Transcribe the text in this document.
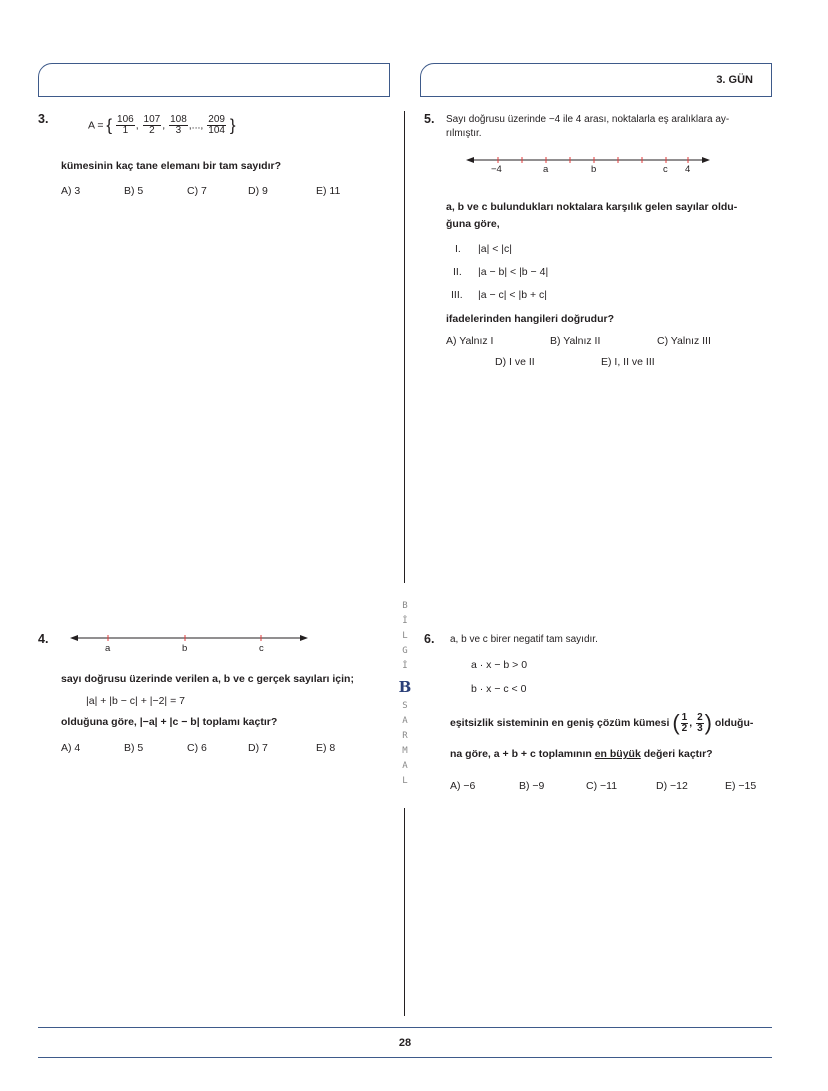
3. GÜN
B
İ
L
G
İ
B
S
A
R
M
A
L
3.	A = { $\frac{106}{1}$ , $\frac{107}{2}$ , $\frac{108}{3}$ ,..., $\frac{209}{104}$ }
kümesinin kaç tane elemanı bir tam sayıdır?
A) 3	B) 5	C) 7	D) 9	E) 11
4.
a	b	c
sayı doğrusu üzerinde verilen a, b ve c gerçek sayıları için;
|a| + |b − c| + |−2| = 7
olduğuna göre, |−a| + |c − b| toplamı kaçtır?
A) 4	B) 5	C) 6	D) 7	E) 8
5. Sayı doğrusu üzerinde −4 ile 4 arası, noktalarla eş aralıklara ay-
rılmıştır.
−4	a	b	c 4
a, b ve c bulundukları noktalara karşılık gelen sayılar oldu-
ğuna göre,
I. |a| < |c|
II. |a − b| < |b − 4|
III. |a − c| < |b + c|
ifadelerinden hangileri doğrudur?
A) Yalnız I	B) Yalnız II	C) Yalnız III
D) I ve II	E) I, II ve III
6. a, b ve c birer negatif tam sayıdır.
a · x − b > 0
b · x − c < 0
eşitsizlik sisteminin en geniş çözüm kümesi ( $\frac{1}{2}$ , $\frac{2}{3}$ ) olduğu-
na göre, a + b + c toplamının en büyük değeri kaçtır?
A) −6	B) −9	C) −11	D) −12	E) −15
28
